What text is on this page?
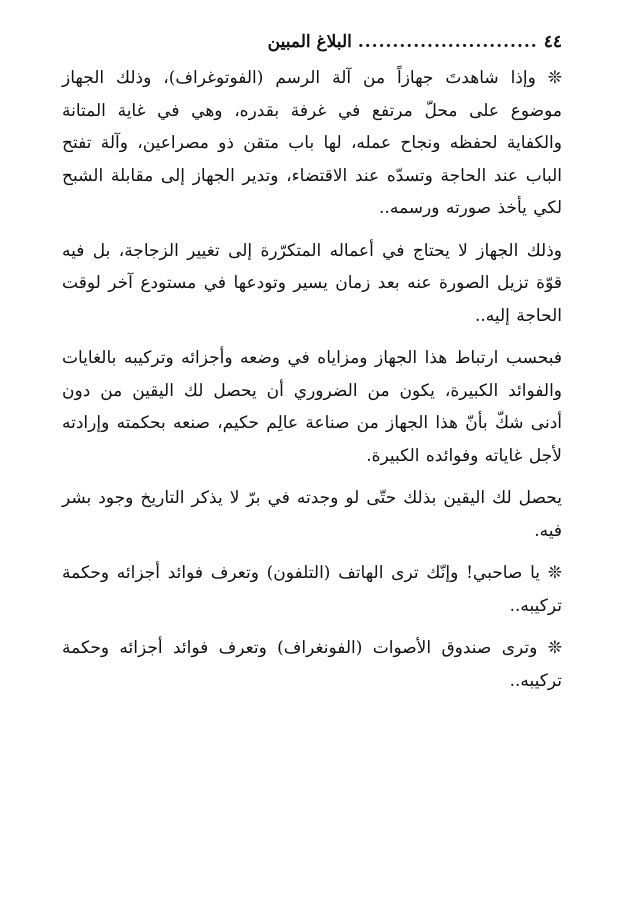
٤٤
..........................
البلاغ المبين

❊ وإذا شاهدتَ جهازاً من آلة الرسم (الفوتوغراف)، وذلك الجهاز موضوع على محلّ مرتفع في غرفة بقدره، وهي في غاية المتانة والكفاية لحفظه ونجاح عمله، لها باب متقن ذو مصراعين، وآلة تفتح الباب عند الحاجة وتسدّه عند الاقتضاء، وتدير الجهاز إلى مقابلة الشبح لكي يأخذ صورته ورسمه..

وذلك الجهاز لا يحتاج في أعماله المتكرّرة إلى تغيير الزجاجة، بل فيه قوّة تزيل الصورة عنه بعد زمان يسير وتودعها في مستودع آخر لوقت الحاجة إليه..

فبحسب ارتباط هذا الجهاز ومزاياه في وضعه وأجزائه وتركيبه بالغايات والفوائد الكبيرة، يكون من الضروري أن يحصل لك اليقين من دون أدنى شكّ بأنّ هذا الجهاز من صناعة عالِم حكيم، صنعه بحكمته وإرادته لأجل غاياته وفوائده الكبيرة.

يحصل لك اليقين بذلك حتّى لو وجدته في برّ لا يذكر التاريخ وجود بشر فيه.

❊ يا صاحبي! وإنّك ترى الهاتف (التلفون) وتعرف فوائد أجزائه وحكمة تركيبه..

❊ وترى صندوق الأصوات (الفونغراف) وتعرف فوائد أجزائه وحكمة تركيبه..
